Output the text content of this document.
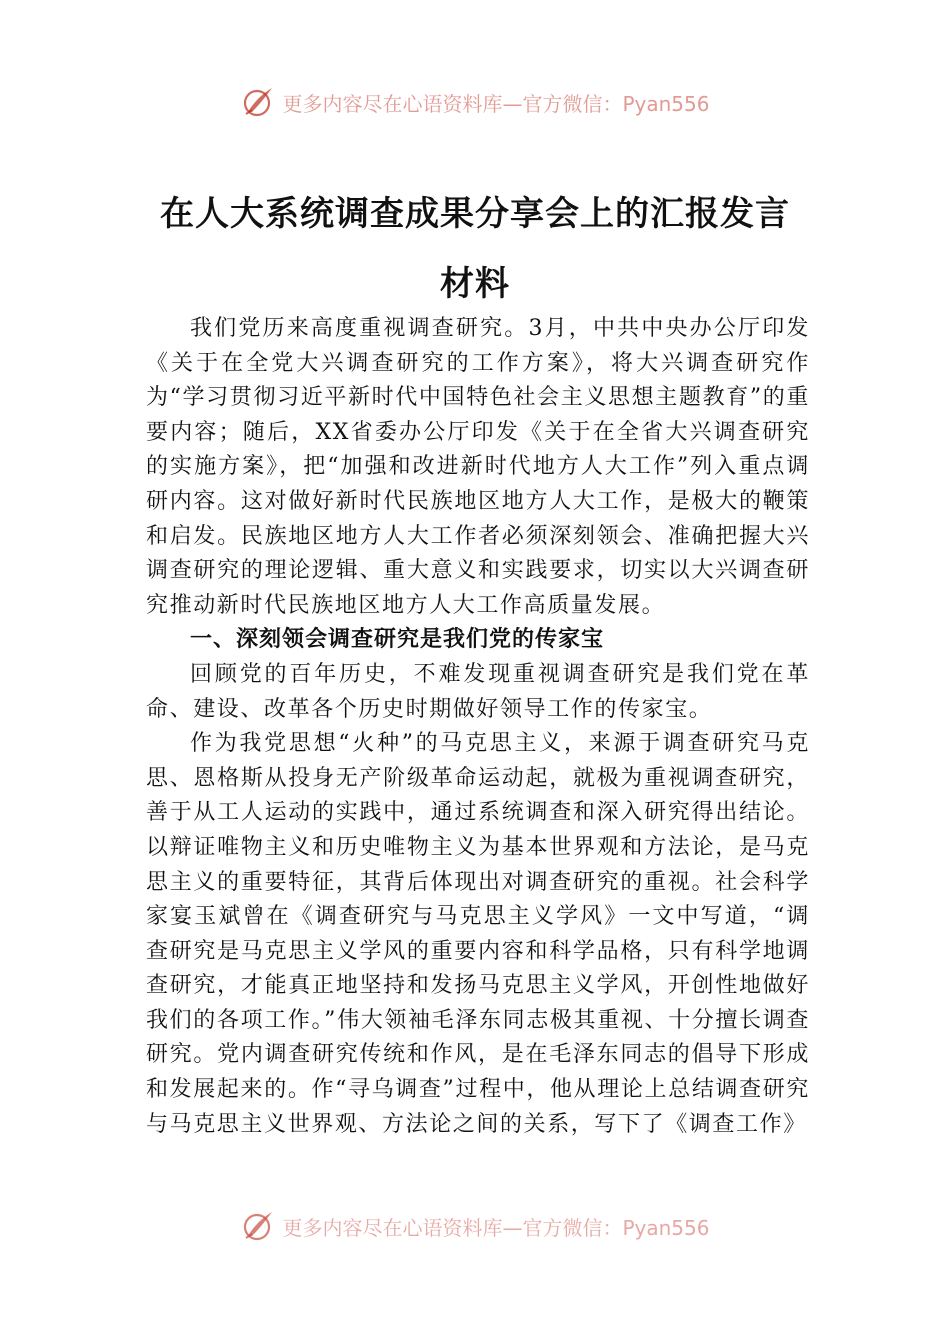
更多内容尽在心语资料库—官方微信：Pyan556
在人大系统调查成果分享会上的汇报发言
材料

我们党历来高度重视调查研究。3月，中共中央办公厅印发《关于在全党大兴调查研究的工作方案》，将大兴调查研究作为“学习贯彻习近平新时代中国特色社会主义思想主题教育”的重要内容；随后，XX省委办公厅印发《关于在全省大兴调查研究的实施方案》，把“加强和改进新时代地方人大工作”列入重点调研内容。这对做好新时代民族地区地方人大工作，是极大的鞭策和启发。民族地区地方人大工作者必须深刻领会、准确把握大兴调查研究的理论逻辑、重大意义和实践要求，切实以大兴调查研究推动新时代民族地区地方人大工作高质量发展。

一、深刻领会调查研究是我们党的传家宝

回顾党的百年历史，不难发现重视调查研究是我们党在革命、建设、改革各个历史时期做好领导工作的传家宝。

作为我党思想“火种”的马克思主义，来源于调查研究马克思、恩格斯从投身无产阶级革命运动起，就极为重视调查研究，善于从工人运动的实践中，通过系统调查和深入研究得出结论。以辩证唯物主义和历史唯物主义为基本世界观和方法论，是马克思主义的重要特征，其背后体现出对调查研究的重视。社会科学家宴玉斌曾在《调查研究与马克思主义学风》一文中写道，“调查研究是马克思主义学风的重要内容和科学品格，只有科学地调查研究，才能真正地坚持和发扬马克思主义学风，开创性地做好我们的各项工作。”伟大领袖毛泽东同志极其重视、十分擅长调查研究。党内调查研究传统和作风，是在毛泽东同志的倡导下形成和发展起来的。作“寻乌调查”过程中，他从理论上总结调查研究与马克思主义世界观、方法论之间的关系，写下了《调查工作》

更多内容尽在心语资料库—官方微信：Pyan556
